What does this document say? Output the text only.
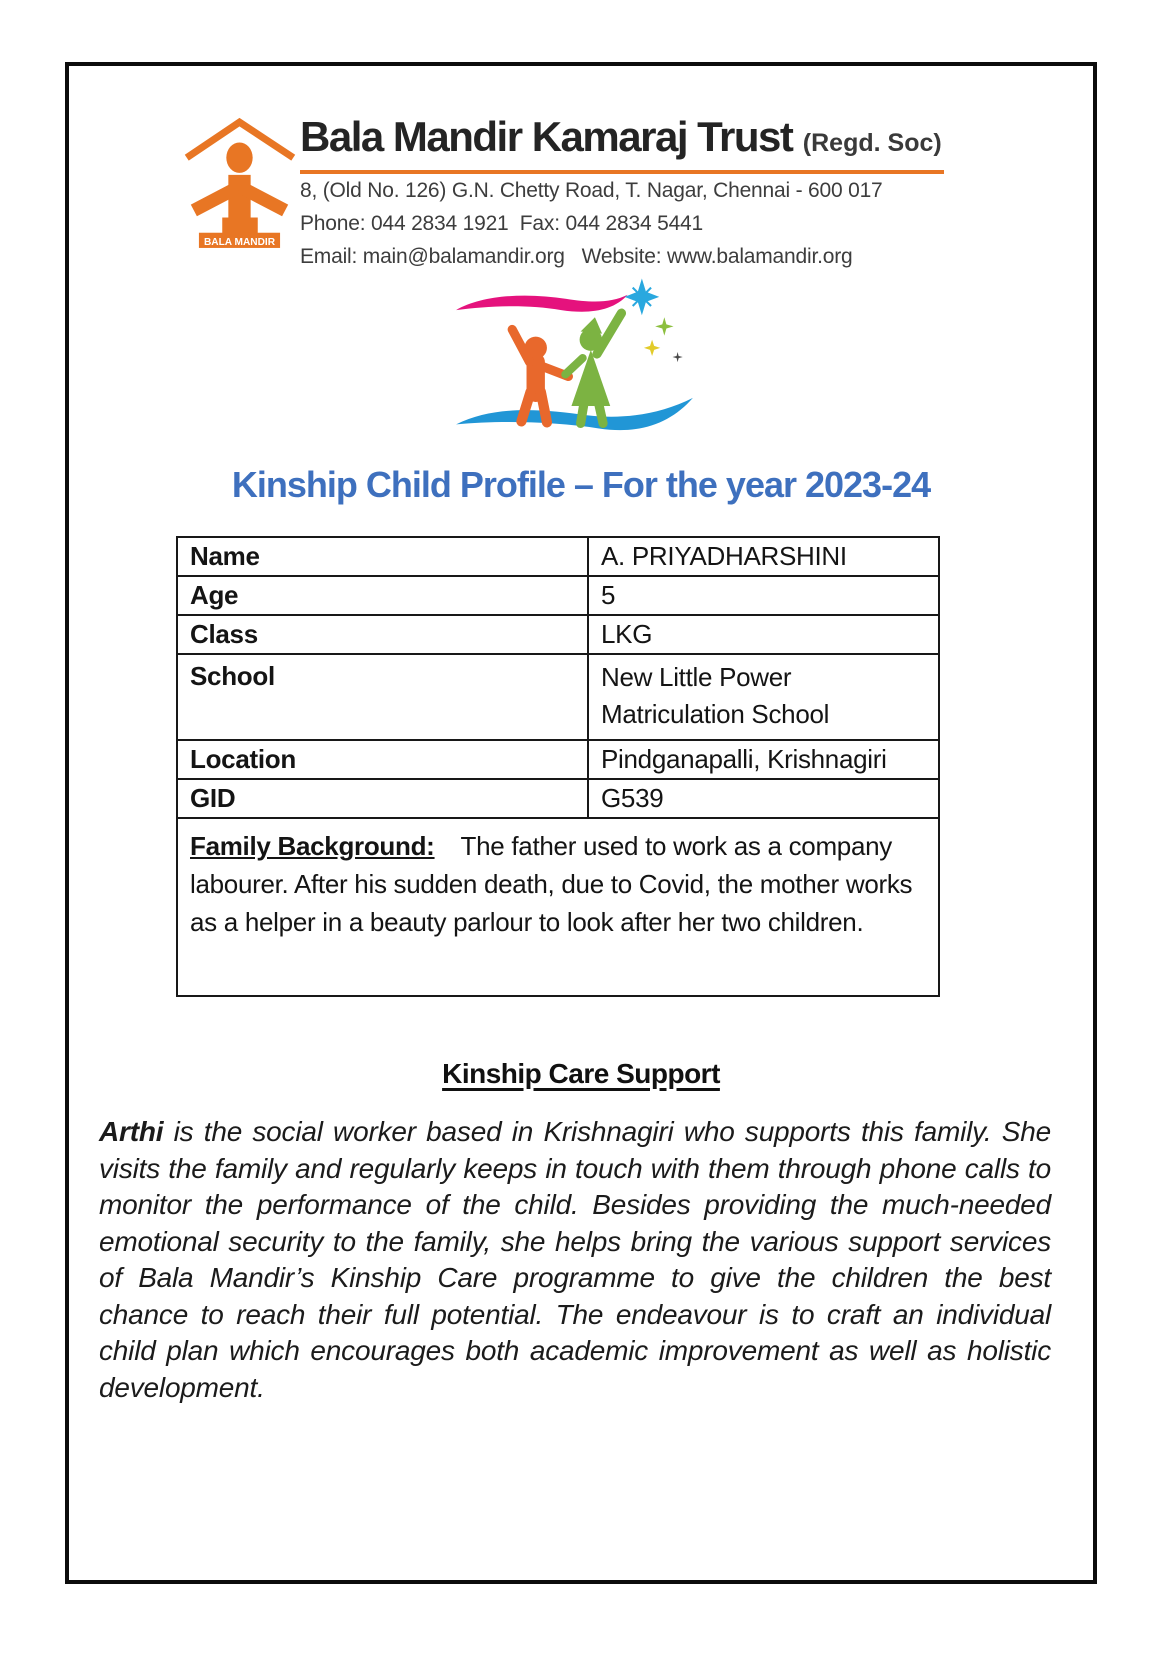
BALA MANDIR
Bala Mandir Kamaraj Trust (Regd. Soc)
8, (Old No. 126) G.N. Chetty Road, T. Nagar, Chennai - 600 017
Phone: 044 2834 1921  Fax: 044 2834 5441
Email: main@balamandir.org   Website: www.balamandir.org
Kinship Child Profile – For the year 2023-24
Name	A. PRIYADHARSHINI
Age	5
Class	LKG
School	New Little Power Matriculation School
Location	Pindganapalli, Krishnagiri
GID	G539
Family Background: The father used to work as a company labourer. After his sudden death, due to Covid, the mother works as a helper in a beauty parlour to look after her two children.	
Kinship Care Support

Arthi is the social worker based in Krishnagiri who supports this family. She visits the family and regularly keeps in touch with them through phone calls to monitor the performance of the child. Besides providing the much-needed emotional security to the family, she helps bring the various support services of Bala Mandir’s Kinship Care programme to give the children the best chance to reach their full potential. The endeavour is to craft an individual child plan which encourages both academic improvement as well as holistic development.
